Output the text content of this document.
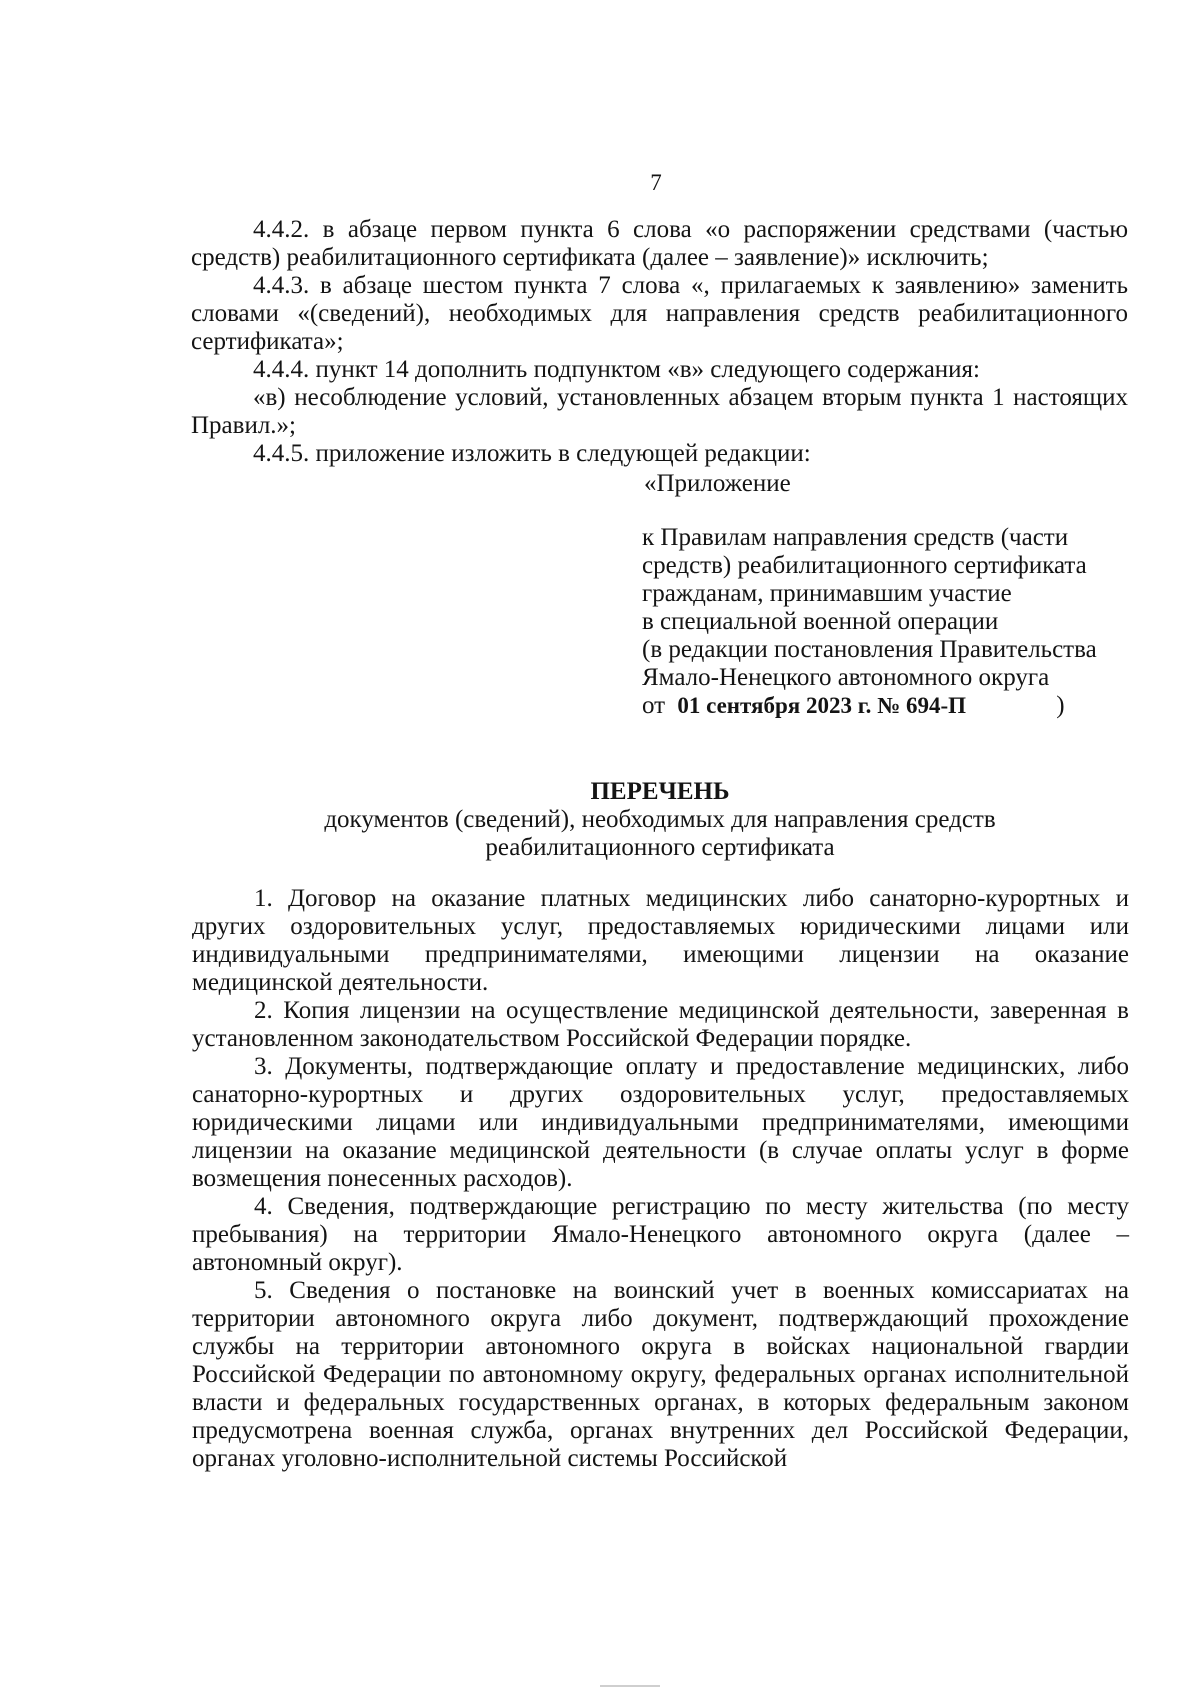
7

4.4.2. в абзаце первом пункта 6 слова «о распоряжении средствами (частью средств) реабилитационного сертификата (далее – заявление)» исключить;

4.4.3. в абзаце шестом пункта 7 слова «, прилагаемых к заявлению» заменить словами «(сведений), необходимых для направления средств реабилитационного сертификата»;

4.4.4. пункт 14 дополнить подпунктом «в» следующего содержания:

«в) несоблюдение условий, установленных абзацем вторым пункта 1 настоящих Правил.»;

4.4.5. приложение изложить в следующей редакции:

«Приложение
к Правилам направления средств (части
средств) реабилитационного сертификата
гражданам, принимавшим участие
в специальной военной операции
(в редакции постановления Правительства
Ямало-Ненецкого автономного округа
от 01 сентября 2023 г. № 694-П	)
ПЕРЕЧЕНЬ
документов (сведений), необходимых для направления средств
реабилитационного сертификата

1. Договор на оказание платных медицинских либо санаторно-курортных и других оздоровительных услуг, предоставляемых юридическими лицами или индивидуальными предпринимателями, имеющими лицензии на оказание медицинской деятельности.

2. Копия лицензии на осуществление медицинской деятельности, заверенная в установленном законодательством Российской Федерации порядке.

3. Документы, подтверждающие оплату и предоставление медицинских, либо санаторно-курортных и других оздоровительных услуг, предоставляемых юридическими лицами или индивидуальными предпринимателями, имеющими лицензии на оказание медицинской деятельности (в случае оплаты услуг в форме возмещения понесенных расходов).

4. Сведения, подтверждающие регистрацию по месту жительства (по месту пребывания) на территории Ямало-Ненецкого автономного округа (далее – автономный округ).

5. Сведения о постановке на воинский учет в военных комиссариатах на территории автономного округа либо документ, подтверждающий прохождение службы на территории автономного округа в войсках национальной гвардии Российской Федерации по автономному округу, федеральных органах исполнительной власти и федеральных государственных органах, в которых федеральным законом предусмотрена военная служба, органах внутренних дел Российской Федерации, органах уголовно-исполнительной системы Российской
